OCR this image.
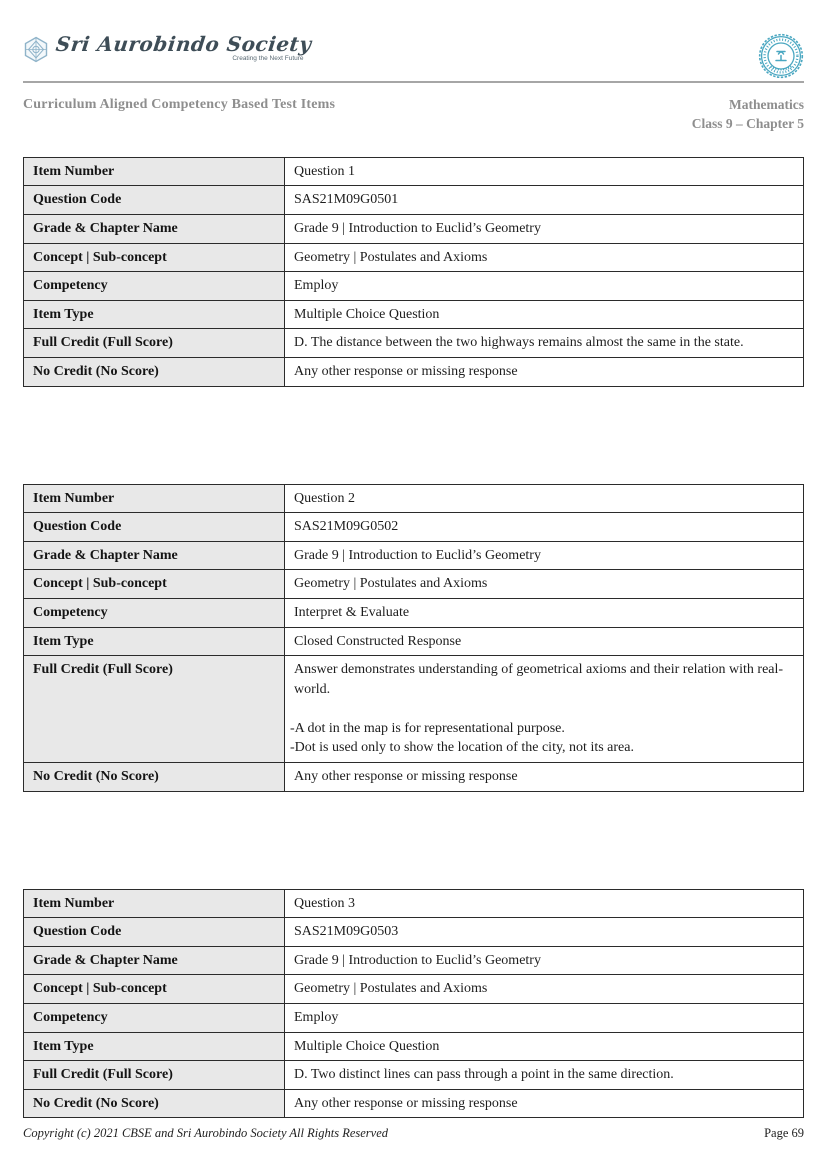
Sri Aurobindo Society
Creating the Next Future
Curriculum Aligned Competency Based Test Items	Mathematics
Class 9 – Chapter 5
Item Number	Question 1
Question Code	SAS21M09G0501
Grade & Chapter Name	Grade 9 | Introduction to Euclid’s Geometry
Concept | Sub-concept	Geometry | Postulates and Axioms
Competency	Employ
Item Type	Multiple Choice Question
Full Credit (Full Score)	D. The distance between the two highways remains almost the same in the state.
No Credit (No Score)	Any other response or missing response
Item Number	Question 2
Question Code	SAS21M09G0502
Grade & Chapter Name	Grade 9 | Introduction to Euclid’s Geometry
Concept | Sub-concept	Geometry | Postulates and Axioms
Competency	Interpret & Evaluate
Item Type	Closed Constructed Response
Full Credit (Full Score)	Answer demonstrates understanding of geometrical axioms and their relation with real-world.
-A dot in the map is for representational purpose.
-Dot is used only to show the location of the city, not its area.

No Credit (No Score)	Any other response or missing response
Item Number	Question 3
Question Code	SAS21M09G0503
Grade & Chapter Name	Grade 9 | Introduction to Euclid’s Geometry
Concept | Sub-concept	Geometry | Postulates and Axioms
Competency	Employ
Item Type	Multiple Choice Question
Full Credit (Full Score)	D. Two distinct lines can pass through a point in the same direction.
No Credit (No Score)	Any other response or missing response
Copyright (c) 2021 CBSE and Sri Aurobindo Society All Rights Reserved	Page 69
